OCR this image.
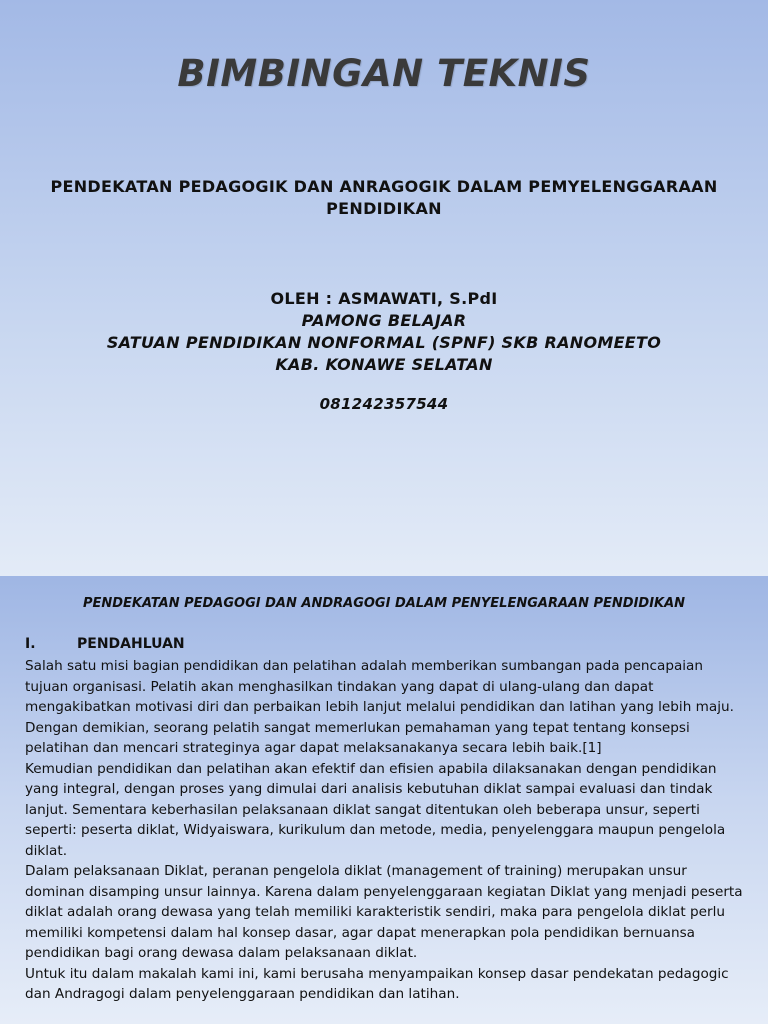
BIMBINGAN TEKNIS
PENDEKATAN PEDAGOGIK DAN ANRAGOGIK DALAM PEMYELENGGARAAN PENDIDIKAN
OLEH : ASMAWATI, S.PdI
PAMONG BELAJAR
SATUAN PENDIDIKAN NONFORMAL (SPNF) SKB RANOMEETO
KAB. KONAWE SELATAN
081242357544
PENDEKATAN PEDAGOGI DAN ANDRAGOGI DALAM PENYELENGARAAN PENDIDIKAN
I.	PENDAHLUAN

Salah satu misi bagian pendidikan dan pelatihan adalah memberikan sumbangan pada pencapaian tujuan organisasi. Pelatih akan menghasilkan tindakan yang dapat di ulang-ulang dan dapat mengakibatkan motivasi diri dan perbaikan lebih lanjut melalui pendidikan dan latihan yang lebih maju. Dengan demikian, seorang pelatih sangat memerlukan pemahaman yang tepat tentang konsepsi pelatihan dan mencari strateginya agar dapat melaksanakanya secara lebih baik.[1]

Kemudian pendidikan dan pelatihan akan efektif dan efisien apabila dilaksanakan dengan pendidikan yang integral, dengan proses yang dimulai dari analisis kebutuhan diklat sampai evaluasi dan tindak lanjut. Sementara keberhasilan pelaksanaan diklat sangat ditentukan oleh beberapa unsur, seperti seperti: peserta diklat, Widyaiswara, kurikulum dan metode, media, penyelenggara maupun pengelola diklat.

Dalam pelaksanaan Diklat, peranan pengelola diklat (management of training) merupakan unsur dominan disamping unsur lainnya. Karena dalam penyelenggaraan kegiatan Diklat yang menjadi peserta diklat adalah orang dewasa yang telah memiliki karakteristik sendiri, maka para pengelola diklat perlu memiliki kompetensi dalam hal konsep dasar, agar dapat menerapkan pola pendidikan bernuansa pendidikan bagi orang dewasa dalam pelaksanaan diklat.

Untuk itu dalam makalah kami ini, kami berusaha menyampaikan konsep dasar pendekatan pedagogic dan Andragogi dalam penyelenggaraan pendidikan dan latihan.
